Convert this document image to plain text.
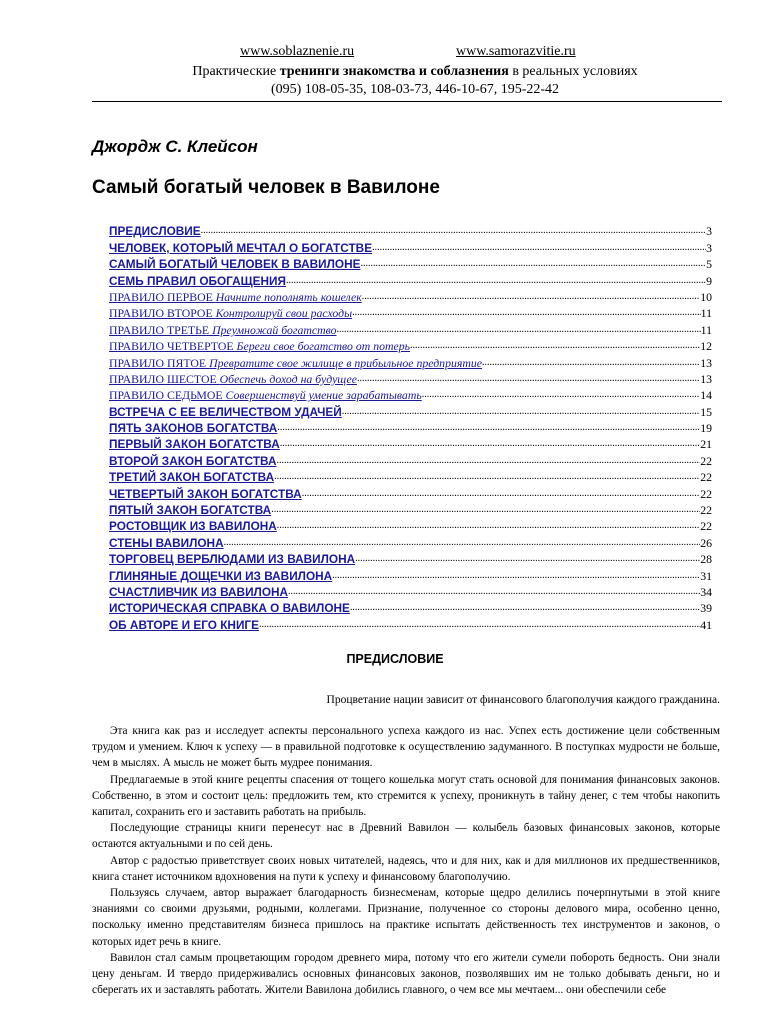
www.soblaznenie.ru	www.samorazvitie.ru
Практические тренинги знакомства и соблазнения в реальных условиях
(095) 108-05-35, 108-03-73, 446-10-67, 195-22-42
Джордж С. Клейсон
Самый богатый человек в Вавилоне
ПРЕДИСЛОВИЕ .....	3
ЧЕЛОВЕК, КОТОРЫЙ МЕЧТАЛ О БОГАТСТВЕ .....	3
САМЫЙ БОГАТЫЙ ЧЕЛОВЕК В ВАВИЛОНЕ .....	5
СЕМЬ ПРАВИЛ ОБОГАЩЕНИЯ .....	9
ПРАВИЛО ПЕРВОЕ Начните пополнять кошелек .....	10
ПРАВИЛО ВТОРОЕ Контролируй свои расходы .....	11
ПРАВИЛО ТРЕТЬЕ Преумножай богатство .....	11
ПРАВИЛО ЧЕТВЕРТОЕ Береги свое богатство от потерь .....	12
ПРАВИЛО ПЯТОЕ Превратите свое жилище в прибыльное предприятие .....	13
ПРАВИЛО ШЕСТОЕ Обеспечь доход на будущее .....	13
ПРАВИЛО СЕДЬМОЕ Совершенствуй умение зарабатывать .....	14
ВСТРЕЧА С ЕЕ ВЕЛИЧЕСТВОМ УДАЧЕЙ .....	15
ПЯТЬ ЗАКОНОВ БОГАТСТВА .....	19
ПЕРВЫЙ ЗАКОН БОГАТСТВА .....	21
ВТОРОЙ ЗАКОН БОГАТСТВА .....	22
ТРЕТИЙ ЗАКОН БОГАТСТВА .....	22
ЧЕТВЕРТЫЙ ЗАКОН БОГАТСТВА .....	22
ПЯТЫЙ ЗАКОН БОГАТСТВА .....	22
РОСТОВЩИК ИЗ ВАВИЛОНА .....	22
СТЕНЫ ВАВИЛОНА .....	26
ТОРГОВЕЦ ВЕРБЛЮДАМИ ИЗ ВАВИЛОНА .....	28
ГЛИНЯНЫЕ ДОЩЕЧКИ ИЗ ВАВИЛОНА .....	31
СЧАСТЛИВЧИК ИЗ ВАВИЛОНА .....	34
ИСТОРИЧЕСКАЯ СПРАВКА О ВАВИЛОНЕ .....	39
ОБ АВТОРЕ И ЕГО КНИГЕ .....	41
ПРЕДИСЛОВИЕ
Процветание нации зависит от финансового благополучия каждого гражданина.

Эта книга как раз и исследует аспекты персонального успеха каждого из нас. Успех есть достижение цели собственным трудом и умением. Ключ к успеху — в правильной подготовке к осуществлению задуманного. В поступках мудрости не больше, чем в мыслях. А мысль не может быть мудрее понимания.

Предлагаемые в этой книге рецепты спасения от тощего кошелька могут стать основой для понимания финансовых законов. Собственно, в этом и состоит цель: предложить тем, кто стремится к успеху, проникнуть в тайну денег, с тем чтобы накопить капитал, сохранить его и заставить работать на прибыль.

Последующие страницы книги перенесут нас в Древний Вавилон — колыбель базовых финансовых законов, которые остаются актуальными и по сей день.

Автор с радостью приветствует своих новых читателей, надеясь, что и для них, как и для миллионов их предшественников, книга станет источником вдохновения на пути к успеху и финансовому благополучию.

Пользуясь случаем, автор выражает благодарность бизнесменам, которые щедро делились почерпнутыми в этой книге знаниями со своими друзьями, родными, коллегами. Признание, полученное со стороны делового мира, особенно ценно, поскольку именно представителям бизнеса пришлось на практике испытать действенность тех инструментов и законов, о которых идет речь в книге.

Вавилон стал самым процветающим городом древнего мира, потому что его жители сумели побороть бедность. Они знали цену деньгам. И твердо придерживались основных финансовых законов, позволявших им не только добывать деньги, но и сберегать их и заставлять работать. Жители Вавилона добились главного, о чем все мы мечтаем... они обеспечили себе
